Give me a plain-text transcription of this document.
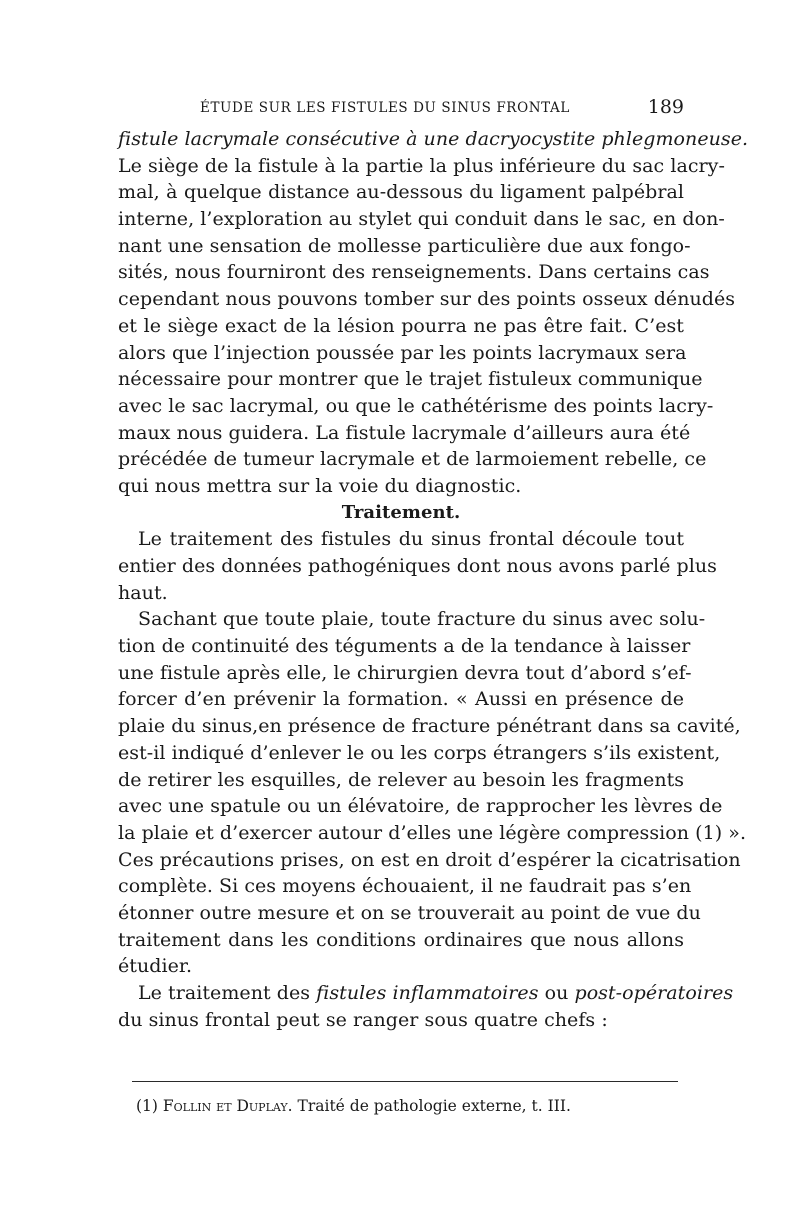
ÉTUDE SUR LES FISTULES DU SINUS FRONTAL	189
fistule lacrymale consécutive à une dacryocystite phlegmoneuse.
Le siège de la fistule à la partie la plus inférieure du sac lacry-
mal, à quelque distance au-dessous du ligament palpébral
interne, l’exploration au stylet qui conduit dans le sac, en don-
nant une sensation de mollesse particulière due aux fongo-
sités, nous fourniront des renseignements. Dans certains cas
cependant nous pouvons tomber sur des points osseux dénudés
et le siège exact de la lésion pourra ne pas être fait. C’est
alors que l’injection poussée par les points lacrymaux sera
nécessaire pour montrer que le trajet fistuleux communique
avec le sac lacrymal, ou que le cathétérisme des points lacry-
maux nous guidera. La fistule lacrymale d’ailleurs aura été
précédée de tumeur lacrymale et de larmoiement rebelle, ce
qui nous mettra sur la voie du diagnostic.
Traitement.
Le traitement des fistules du sinus frontal découle tout
entier des données pathogéniques dont nous avons parlé plus
haut.
Sachant que toute plaie, toute fracture du sinus avec solu-
tion de continuité des téguments a de la tendance à laisser
une fistule après elle, le chirurgien devra tout d’abord s’ef-
forcer d’en prévenir la formation. « Aussi en présence de
plaie du sinus,en présence de fracture pénétrant dans sa cavité,
est-il indiqué d’enlever le ou les corps étrangers s’ils existent,
de retirer les esquilles, de relever au besoin les fragments
avec une spatule ou un élévatoire, de rapprocher les lèvres de
la plaie et d’exercer autour d’elles une légère compression (1) ».
Ces précautions prises, on est en droit d’espérer la cicatrisation
complète. Si ces moyens échouaient, il ne faudrait pas s’en
étonner outre mesure et on se trouverait au point de vue du
traitement dans les conditions ordinaires que nous allons
étudier.
Le traitement des fistules inflammatoires ou post-opératoires
du sinus frontal peut se ranger sous quatre chefs :
(1) Follin et Duplay. Traité de pathologie externe, t. III.
